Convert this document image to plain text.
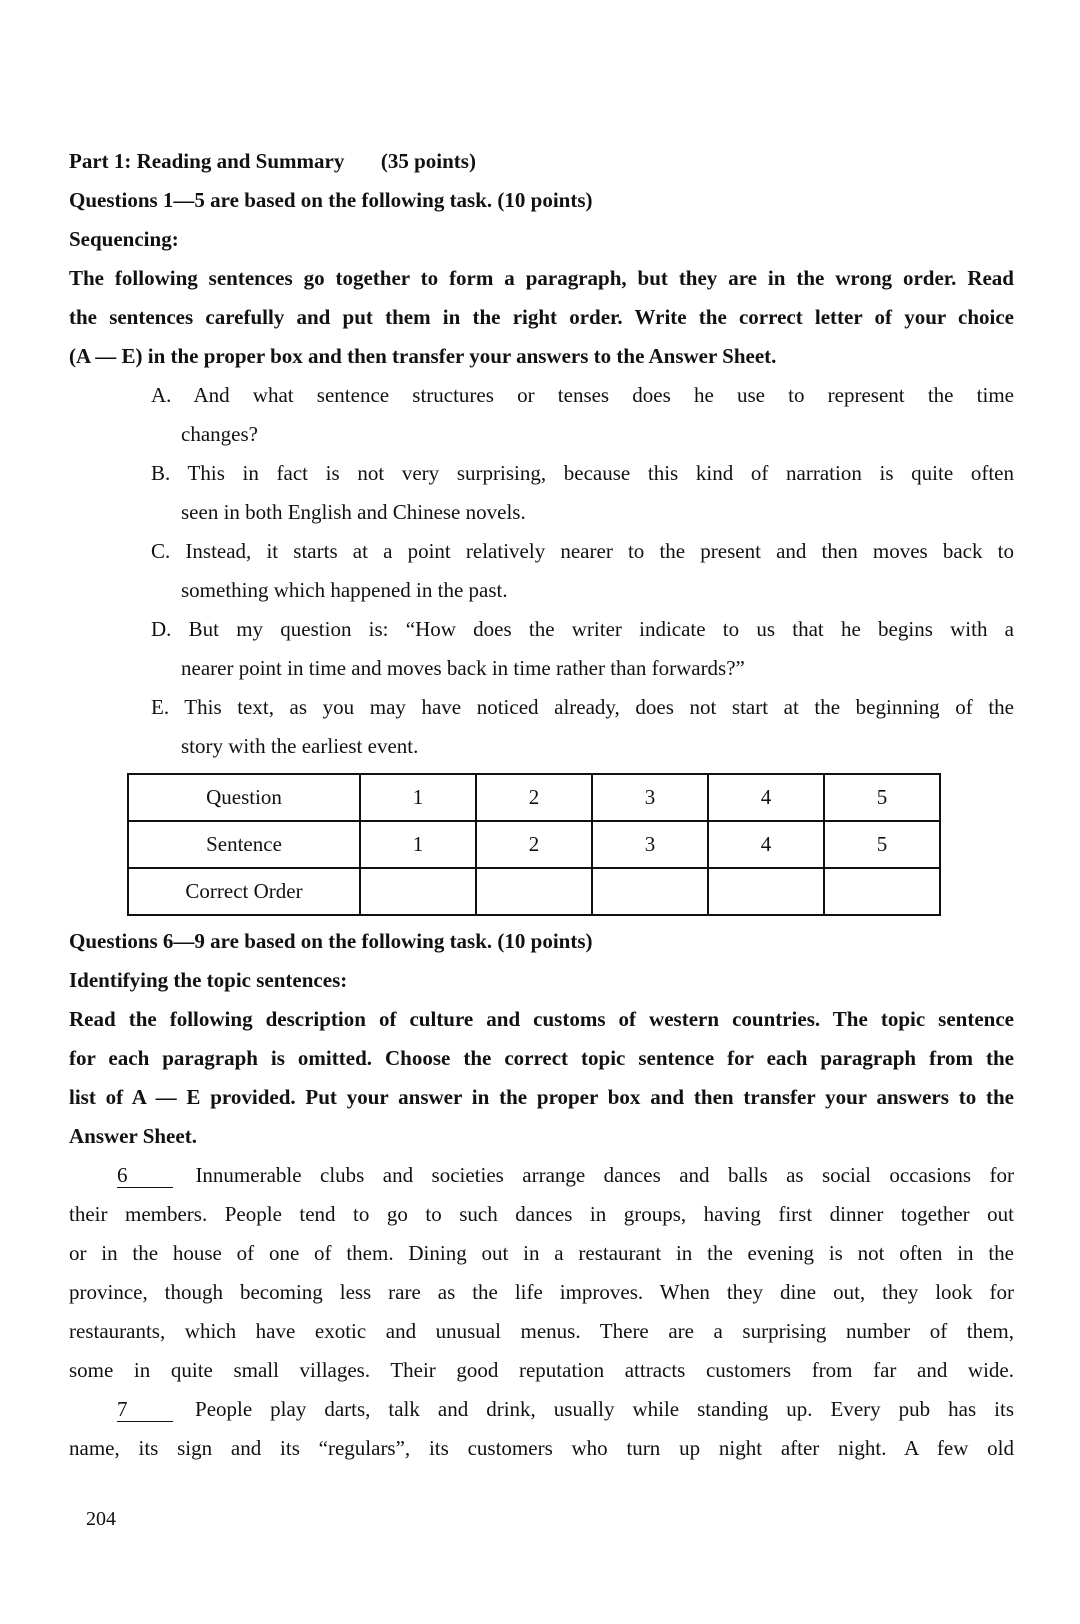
Part 1: Reading and Summary (35 points)
Questions 1—5 are based on the following task. (10 points)
Sequencing:
The following sentences go together to form a paragraph, but they are in the wrong order. Read
the sentences carefully and put them in the right order. Write the correct letter of your choice
(A — E) in the proper box and then transfer your answers to the Answer Sheet.
A. And what sentence structures or tenses does he use to represent the time
changes?
B. This in fact is not very surprising, because this kind of narration is quite often
seen in both English and Chinese novels.
C. Instead, it starts at a point relatively nearer to the present and then moves back to
something which happened in the past.
D. But my question is: “How does the writer indicate to us that he begins with a
nearer point in time and moves back in time rather than forwards?”
E. This text, as you may have noticed already, does not start at the beginning of the
story with the earliest event.
Question	1	2	3	4	5
Sentence	1	2	3	4	5
Correct Order					
Questions 6—9 are based on the following task. (10 points)
Identifying the topic sentences:
Read the following description of culture and customs of western countries. The topic sentence
for each paragraph is omitted. Choose the correct topic sentence for each paragraph from the
list of A — E provided. Put your answer in the proper box and then transfer your answers to the
Answer Sheet.
6	Innumerable clubs and societies arrange dances and balls as social occasions for
their members. People tend to go to such dances in groups, having first dinner together out
or in the house of one of them. Dining out in a restaurant in the evening is not often in the
province, though becoming less rare as the life improves. When they dine out, they look for
restaurants, which have exotic and unusual menus. There are a surprising number of them,
some in quite small villages. Their good reputation attracts customers from far and wide.
7	People play darts, talk and drink, usually while standing up. Every pub has its
name, its sign and its “regulars”, its customers who turn up night after night. A few old
204
